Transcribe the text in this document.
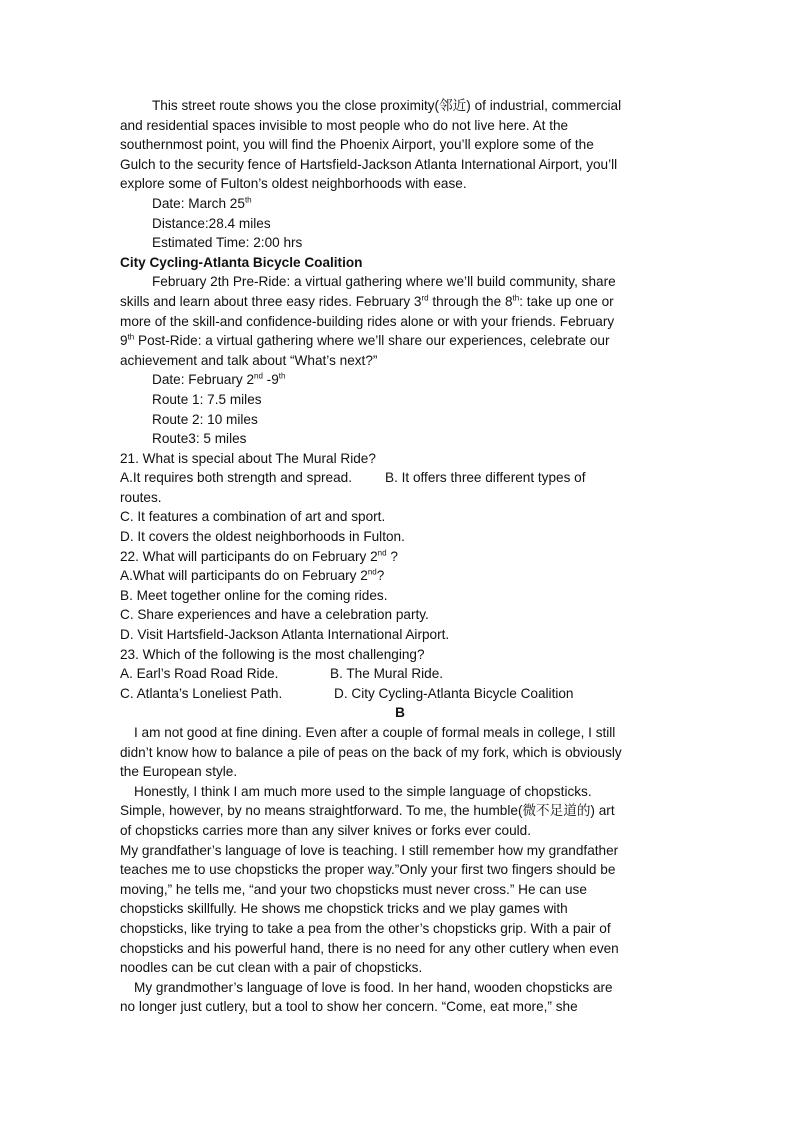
This street route shows you the close proximity(邻近) of industrial, commercial
and residential spaces invisible to most people who do not live here. At the
southernmost point, you will find the Phoenix Airport, you’ll explore some of the
Gulch to the security fence of Hartsfield-Jackson Atlanta International Airport, you’ll
explore some of Fulton’s oldest neighborhoods with ease.
Date: March 25th
Distance:28.4 miles
Estimated Time: 2:00 hrs
City Cycling-Atlanta Bicycle Coalition
February 2th Pre-Ride: a virtual gathering where we’ll build community, share
skills and learn about three easy rides. February 3rd through the 8th: take up one or
more of the skill-and confidence-building rides alone or with your friends. February
9th Post-Ride: a virtual gathering where we’ll share our experiences, celebrate our
achievement and talk about “What’s next?”
Date: February 2nd -9th
Route 1: 7.5 miles
Route 2: 10 miles
Route3: 5 miles
21. What is special about The Mural Ride?
A.It requires both strength and spread. B. It offers three different types of
routes.
C. It features a combination of art and sport.
D. It covers the oldest neighborhoods in Fulton.
22. What will participants do on February 2nd ?
A.What will participants do on February 2nd?
B. Meet together online for the coming rides.
C. Share experiences and have a celebration party.
D. Visit Hartsfield-Jackson Atlanta International Airport.
23. Which of the following is the most challenging?
A. Earl’s Road Road Ride.	B. The Mural Ride.
C. Atlanta’s Loneliest Path.	D. City Cycling-Atlanta Bicycle Coalition
B
I am not good at fine dining. Even after a couple of formal meals in college, I still
didn’t know how to balance a pile of peas on the back of my fork, which is obviously
the European style.
Honestly, I think I am much more used to the simple language of chopsticks.
Simple, however, by no means straightforward. To me, the humble(微不足道的) art
of chopsticks carries more than any silver knives or forks ever could.
My grandfather’s language of love is teaching. I still remember how my grandfather
teaches me to use chopsticks the proper way.”Only your first two fingers should be
moving,” he tells me, “and your two chopsticks must never cross.” He can use
chopsticks skillfully. He shows me chopstick tricks and we play games with
chopsticks, like trying to take a pea from the other’s chopsticks grip. With a pair of
chopsticks and his powerful hand, there is no need for any other cutlery when even
noodles can be cut clean with a pair of chopsticks.
My grandmother’s language of love is food. In her hand, wooden chopsticks are
no longer just cutlery, but a tool to show her concern. “Come, eat more,” she
